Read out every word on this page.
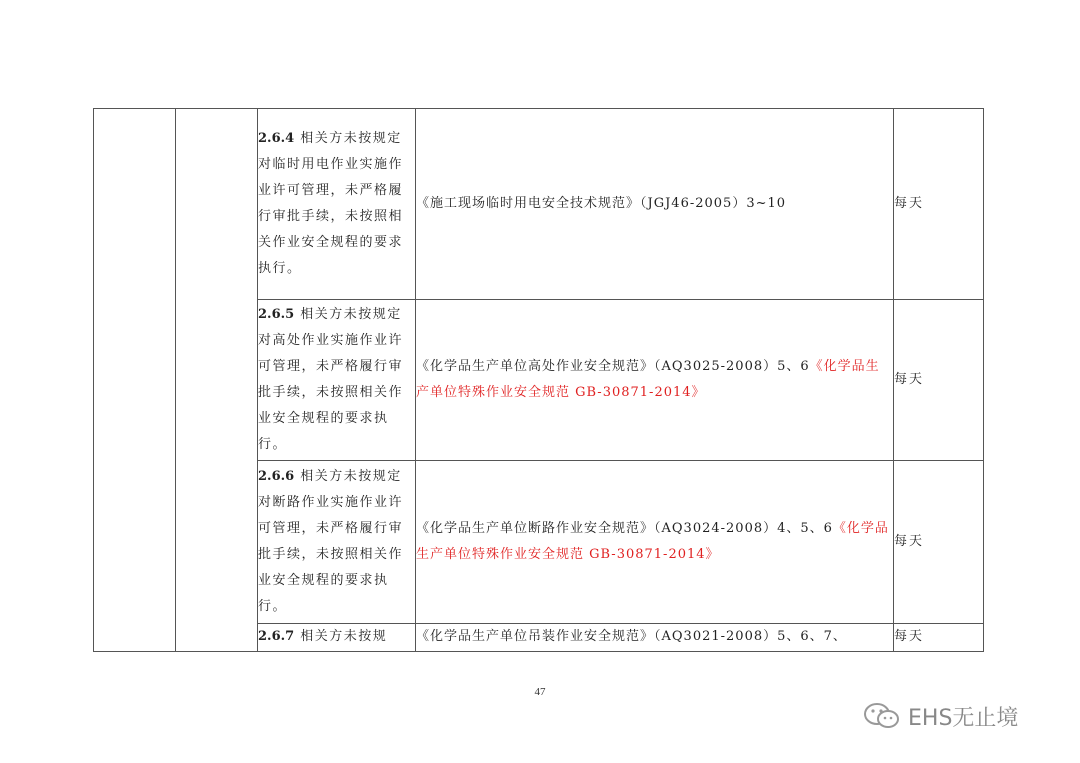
		2.6.4 相关方未按规定对临时用电作业实施作业许可管理，未严格履行审批手续，未按照相关作业安全规程的要求执行。	《施工现场临时用电安全技术规范》（JGJ46-2005）3~10	每天
		2.6.5 相关方未按规定对高处作业实施作业许可管理，未严格履行审批手续，未按照相关作业安全规程的要求执行。	《化学品生产单位高处作业安全规范》（AQ3025-2008）5、6《化学品生产单位特殊作业安全规范 GB-30871-2014》	每天
		2.6.6 相关方未按规定对断路作业实施作业许可管理，未严格履行审批手续，未按照相关作业安全规程的要求执行。	《化学品生产单位断路作业安全规范》（AQ3024-2008）4、5、6《化学品生产单位特殊作业安全规范 GB-30871-2014》	每天
		2.6.7 相关方未按规	《化学品生产单位吊装作业安全规范》（AQ3021-2008）5、6、7、	每天
47
EHS无止境
